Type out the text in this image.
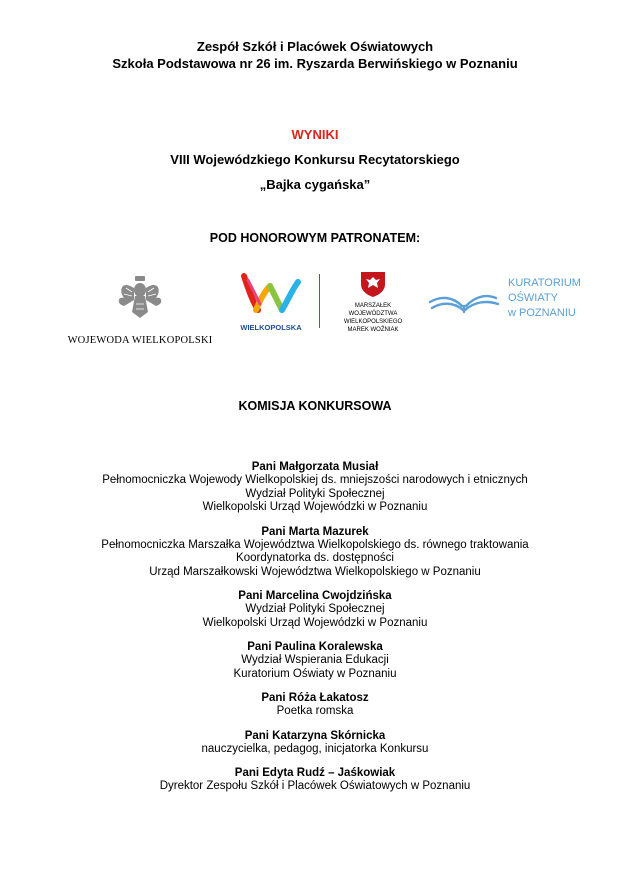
Zespół Szkół i Placówek Oświatowych
Szkoła Podstawowa nr 26 im. Ryszarda Berwińskiego w Poznaniu
WYNIKI
VIII Wojewódzkiego Konkursu Recytatorskiego
„Bajka cygańska”
POD HONOROWYM PATRONATEM:
WOJEWODA WIELKOPOLSKI
WIELKOPOLSKA
MARSZAŁEK
WOJEWÓDZTWA
WIELKOPOLSKIEGO
MAREK WOŹNIAK
KURATORIUM
OŚWIATY
w POZNANIU
KOMISJA KONKURSOWA
Pani Małgorzata Musiał
Pełnomocniczka Wojewody Wielkopolskiej ds. mniejszości narodowych i etnicznych
Wydział Polityki Społecznej
Wielkopolski Urząd Wojewódzki w Poznaniu
Pani Marta Mazurek
Pełnomocniczka Marszałka Województwa Wielkopolskiego ds. równego traktowania
Koordynatorka ds. dostępności
Urząd Marszałkowski Województwa Wielkopolskiego w Poznaniu
Pani Marcelina Cwojdzińska
Wydział Polityki Społecznej
Wielkopolski Urząd Wojewódzki w Poznaniu
Pani Paulina Koralewska
Wydział Wspierania Edukacji
Kuratorium Oświaty w Poznaniu
Pani Róża Łakatosz
Poetka romska
Pani Katarzyna Skórnicka
nauczycielka, pedagog, inicjatorka Konkursu
Pani Edyta Rudź – Jaśkowiak
Dyrektor Zespołu Szkół i Placówek Oświatowych w Poznaniu
